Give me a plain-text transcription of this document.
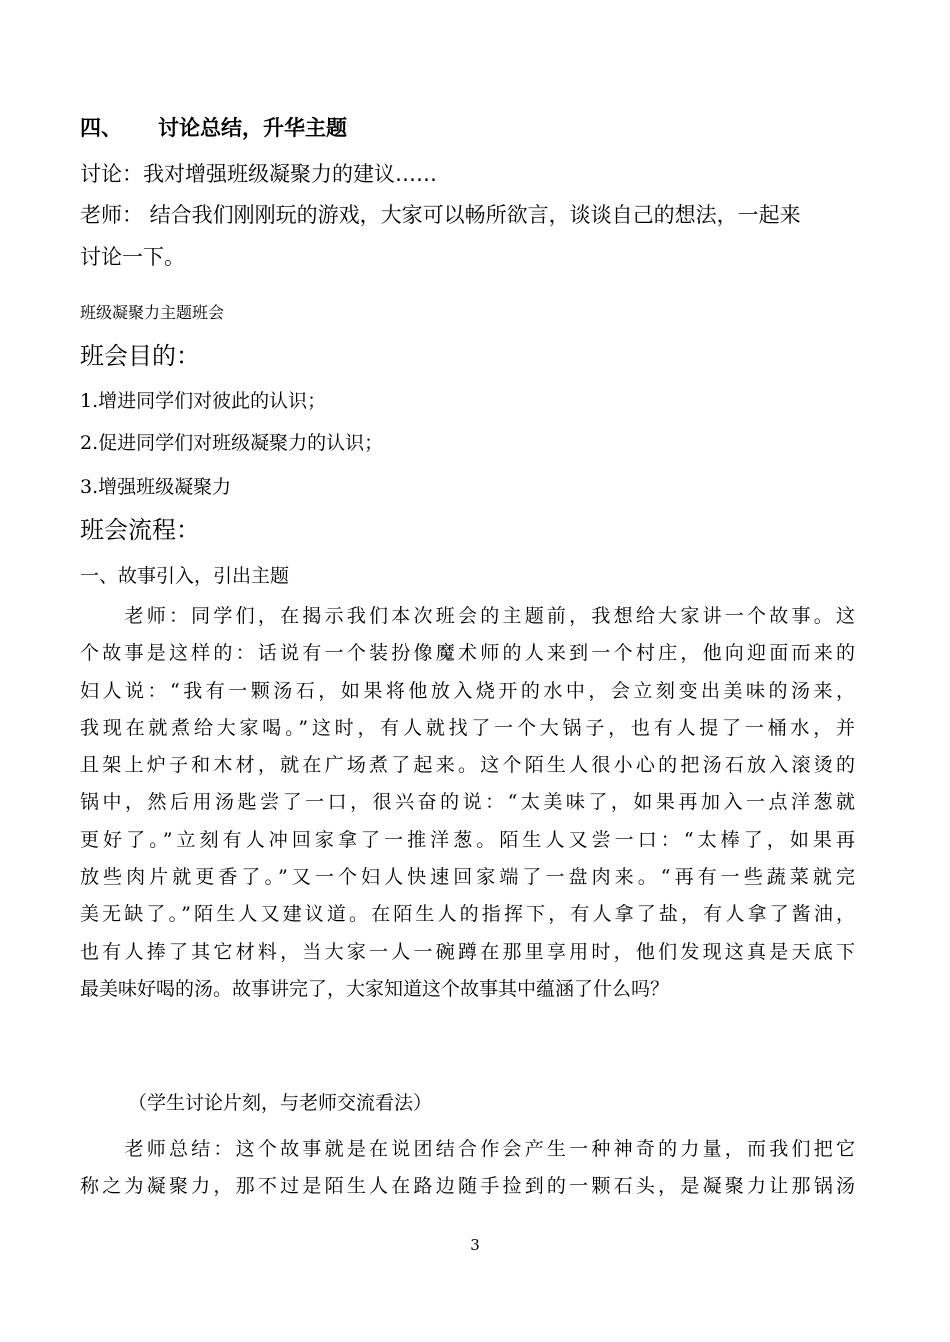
四、 讨论总结，升华主题
讨论：我对增强班级凝聚力的建议……
老师： 结合我们刚刚玩的游戏，大家可以畅所欲言，谈谈自己的想法，一起来
讨论一下。
班级凝聚力主题班会
班会目的：
1.增进同学们对彼此的认识；
2.促进同学们对班级凝聚力的认识；
3.增强班级凝聚力
班会流程：
一、故事引入，引出主题
　　老师：同学们，在揭示我们本次班会的主题前，我想给大家讲一个故事。这
个故事是这样的：话说有一个装扮像魔术师的人来到一个村庄，他向迎面而来的
妇人说：“我有一颗汤石，如果将他放入烧开的水中，会立刻变出美味的汤来，
我现在就煮给大家喝。”这时，有人就找了一个大锅子，也有人提了一桶水，并
且架上炉子和木材，就在广场煮了起来。这个陌生人很小心的把汤石放入滚烫的
锅中，然后用汤匙尝了一口，很兴奋的说：“太美味了，如果再加入一点洋葱就
更好了。”立刻有人冲回家拿了一推洋葱。陌生人又尝一口：“太棒了，如果再
放些肉片就更香了。”又一个妇人快速回家端了一盘肉来。“再有一些蔬菜就完
美无缺了。”陌生人又建议道。在陌生人的指挥下，有人拿了盐，有人拿了酱油，
也有人捧了其它材料，当大家一人一碗蹲在那里享用时，他们发现这真是天底下
最美味好喝的汤。故事讲完了，大家知道这个故事其中蕴涵了什么吗？
（学生讨论片刻，与老师交流看法）
　　老师总结：这个故事就是在说团结合作会产生一种神奇的力量，而我们把它
称之为凝聚力，那不过是陌生人在路边随手捡到的一颗石头，是凝聚力让那锅汤
3
